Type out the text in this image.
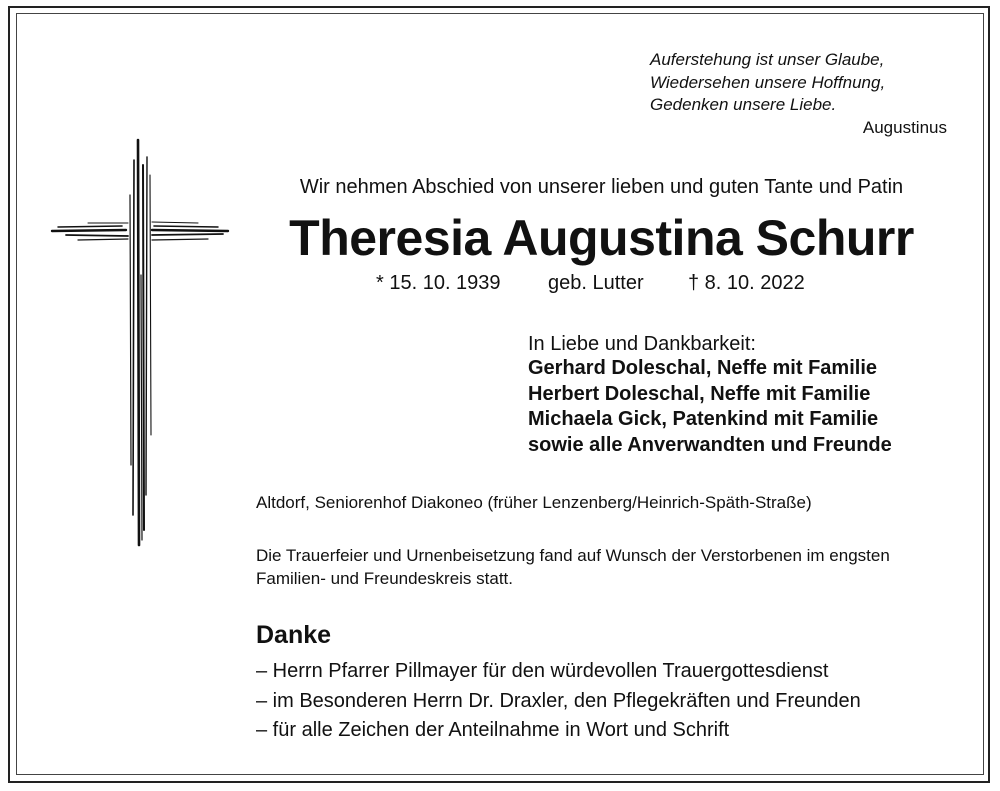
Auferstehung ist unser Glaube,
Wiedersehen unsere Hoffnung,
Gedenken unsere Liebe.
Augustinus
Wir nehmen Abschied von unserer lieben und guten Tante und Patin
Theresia Augustina Schurr
* 15. 10. 1939 geb. Lutter † 8. 10. 2022
In Liebe und Dankbarkeit:
Gerhard Doleschal, Neffe mit Familie
Herbert Doleschal, Neffe mit Familie
Michaela Gick, Patenkind mit Familie
sowie alle Anverwandten und Freunde
Altdorf, Seniorenhof Diakoneo (früher Lenzenberg/Heinrich-Späth-Straße)
Die Trauerfeier und Urnenbeisetzung fand auf Wunsch der Verstorbenen im engsten Familien- und Freundeskreis statt.
Danke
– Herrn Pfarrer Pillmayer für den würdevollen Trauergottesdienst
– im Besonderen Herrn Dr. Draxler, den Pflegekräften und Freunden
– für alle Zeichen der Anteilnahme in Wort und Schrift
